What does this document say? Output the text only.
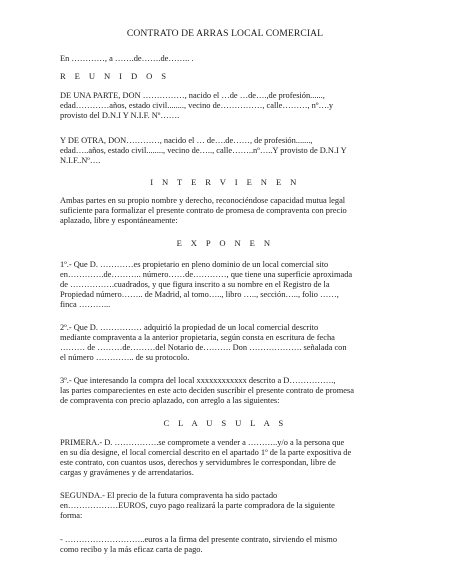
CONTRATO DE ARRAS LOCAL COMERCIAL
En …………, a …….de…….de…….. .
R E U N I D O S
DE UNA PARTE, DON ……………, nacido el …de …de….,de profesión......,
edad…………años, estado civil........, vecino de……………, calle………, nº….y
provisto del D.N.I Y N.I.F. Nº…….
Y DE OTRA, DON…………, nacido el … de….de……, de profesión.......,
edad…..años, estado civil........, vecino de….., calle……..nº…..Y provisto de D.N.I Y
N.I.F..Nº….
I N T E R V I E N E N
Ambas partes en su propio nombre y derecho, reconociéndose capacidad mutua legal
suficiente para formalizar el presente contrato de promesa de compraventa con precio
aplazado, libre y espontáneamente:
E X P O N E N
1º.- Que D. …………es propietario en pleno dominio de un local comercial sito
en………….de……….. número……de…………, que tiene una superficie aproximada
de …………….cuadrados, y que figura inscrito a su nombre en el Registro de la
Propiedad número…….. de Madrid, al tomo….., libro ….., sección….., folio ……,
finca ………...
2º.- Que D. …………… adquirió la propiedad de un local comercial descrito
mediante compraventa a la anterior propietaria, según consta en escritura de fecha
……… de ………de………del Notario de………. Don ………………. señalada con
el número ………….. de su protocolo.
3º.- Que interesando la compra del local xxxxxxxxxxxx descrito a D…………….,
las partes comparecientes en este acto deciden suscribir el presente contrato de promesa
de compraventa con precio aplazado, con arreglo a las siguientes:
C L A U S U L A S
PRIMERA.- D. …………….se compromete a vender a ………..y/o a la persona que
en su día designe, el local comercial descrito en el apartado 1º de la parte expositiva de
este contrato, con cuantos usos, derechos y servidumbres le correspondan, libre de
cargas y gravámenes y de arrendatarios.
SEGUNDA.- El precio de la futura compraventa ha sido pactado
en………………EUROS, cuyo pago realizará la parte compradora de la siguiente
forma:
- ………………………..euros a la firma del presente contrato, sirviendo el mismo
como recibo y la más eficaz carta de pago.
